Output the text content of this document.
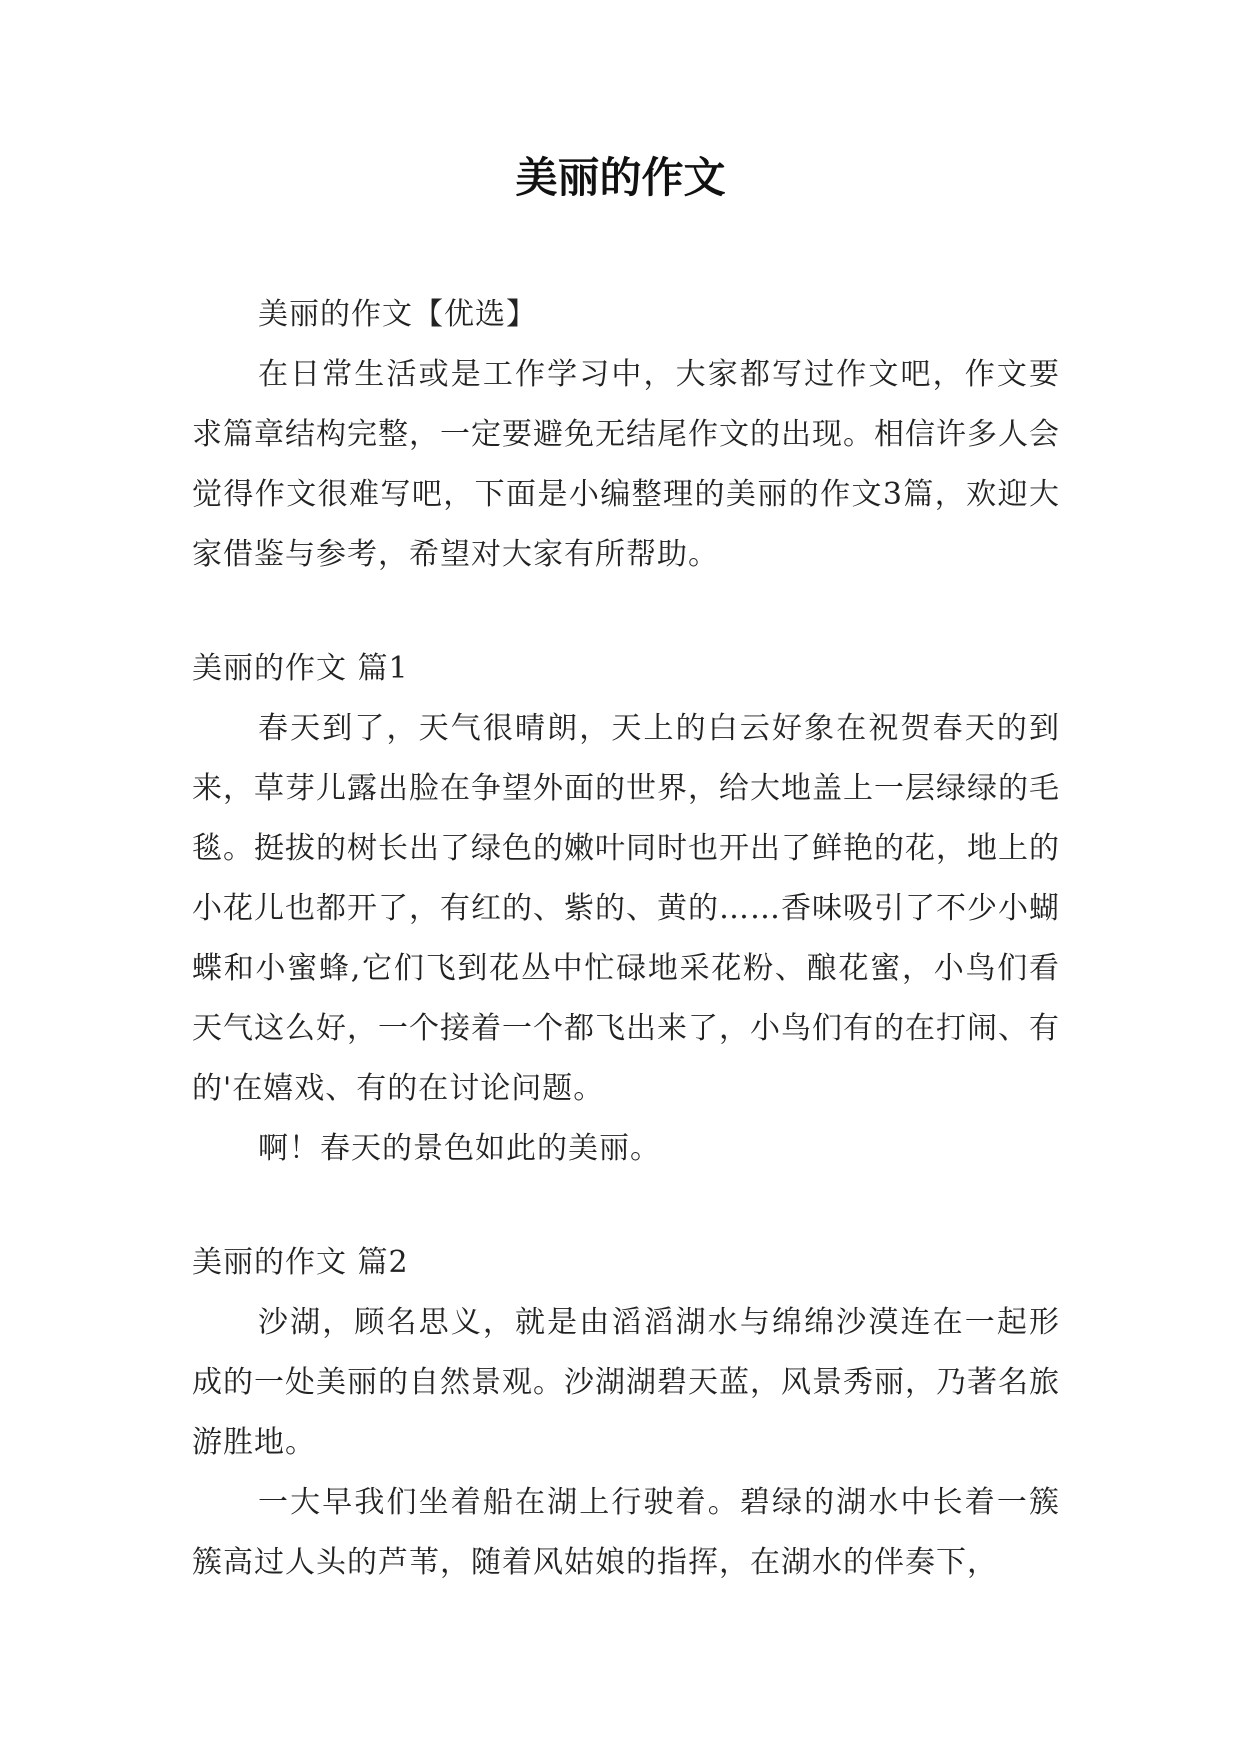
美丽的作文

美丽的作文【优选】

在日常生活或是工作学习中，大家都写过作文吧，作文要求篇章结构完整，一定要避免无结尾作文的出现。相信许多人会觉得作文很难写吧，下面是小编整理的美丽的作文3篇，欢迎大家借鉴与参考，希望对大家有所帮助。

美丽的作文 篇1

春天到了，天气很晴朗，天上的白云好象在祝贺春天的到来，草芽儿露出脸在争望外面的世界，给大地盖上一层绿绿的毛毯。挺拔的树长出了绿色的嫩叶同时也开出了鲜艳的花，地上的小花儿也都开了，有红的、紫的、黄的……香味吸引了不少小蝴蝶和小蜜蜂,它们飞到花丛中忙碌地采花粉、酿花蜜，小鸟们看天气这么好，一个接着一个都飞出来了，小鸟们有的在打闹、有的'在嬉戏、有的在讨论问题。

啊！春天的景色如此的美丽。

美丽的作文 篇2

沙湖，顾名思义，就是由滔滔湖水与绵绵沙漠连在一起形成的一处美丽的自然景观。沙湖湖碧天蓝，风景秀丽，乃著名旅游胜地。

一大早我们坐着船在湖上行驶着。碧绿的湖水中长着一簇簇高过人头的芦苇，随着风姑娘的指挥，在湖水的伴奏下，
